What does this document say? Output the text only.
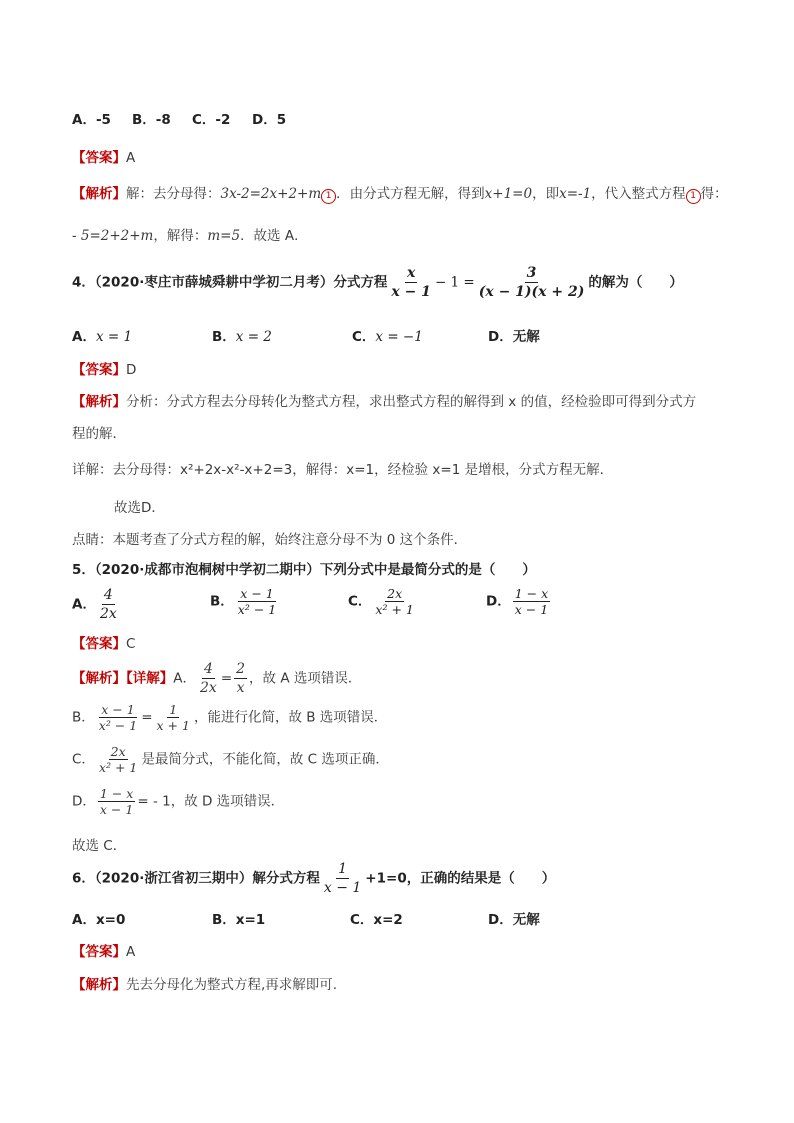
A．-5 B．-8 C．-2 D．5
【答案】A
【解析】解：去分母得：3x-2=2x+2+m 1 ．由分式方程无解，得到x+1=0，即x=-1，代入整式方程 1 得：
- 5=2+2+m，解得：m=5．故选 A．
4．（2020·枣庄市薛城舜耕中学初二月考）分式方程 $\frac{x}{x - 1} - 1 = \frac{3}{(x - 1)(x + 2)}$ 的解为（　　）
A．x = 1	B．x = 2	C．x = −1	D．无解
【答案】D
【解析】分析：分式方程去分母转化为整式方程，求出整式方程的解得到 x 的值，经检验即可得到分式方
程的解．
详解：去分母得：x²+2x-x²-x+2=3，解得：x=1，经检验 x=1 是增根，分式方程无解．
故选D．
点睛：本题考查了分式方程的解，始终注意分母不为 0 这个条件．
5．（2020·成都市泡桐树中学初二期中）下列分式中是最简分式的是（　　）
A． $\frac{4}{2x}$	B． $\frac{x - 1}{\text{x² − 1}}$	C． $\frac{2x}{\text{x² + 1}}$	D． $\frac{1 - x}{x - 1}$
【答案】C
【解析】【详解】A． $\frac{4}{2x} = \frac{2}{x}$ ，故 A 选项错误．
B． $\frac{x - 1}{\text{x² − 1}} = \frac{1}{x + 1}$ ，能进行化简，故 B 选项错误．
C． $\frac{2x}{\text{x² + 1}}$ 是最简分式，不能化简，故 C 选项正确．
D． $\frac{1 - x}{x - 1}$ = - 1，故 D 选项错误．
故选 C．
6．（2020·浙江省初三期中）解分式方程 $\frac{1}{x - 1} +1=0$，正确的结果是（　　）
A．x=0	B．x=1	C．x=2	D．无解
【答案】A
【解析】先去分母化为整式方程,再求解即可.
